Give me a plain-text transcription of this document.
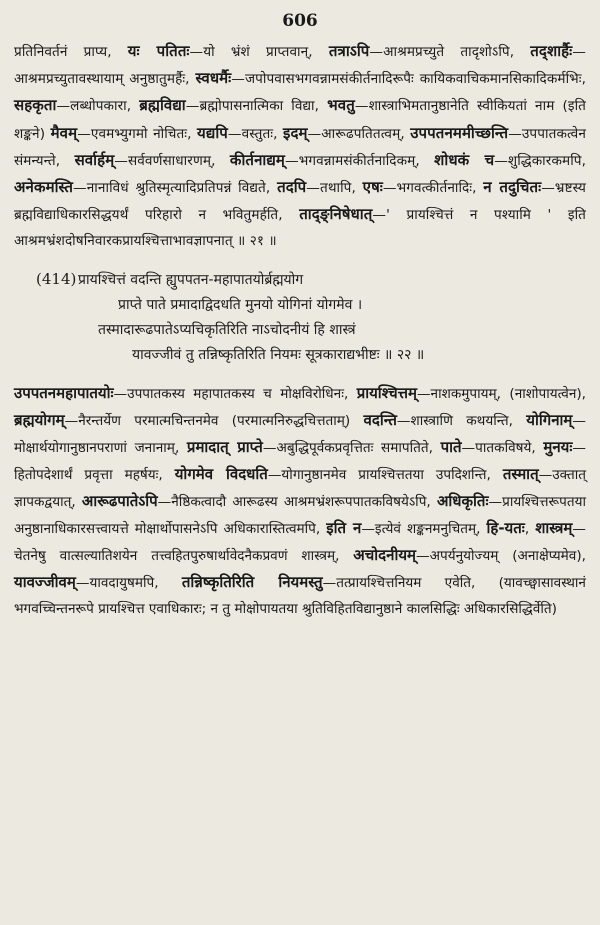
606

प्रतिनिवर्तनं प्राप्य, यः पतितः—यो भ्रंशं प्राप्तवान्, तत्राऽपि—आश्रमप्रच्युते तादृशोऽपि, तद्शार्हैः—आश्रमप्रच्युतावस्थायाम् अनुष्ठातुमर्हैः, स्वधर्मैः—जपोपवासभगवन्नामसंकीर्तनादिरूपैः कायिकवाचिकमानसिकादिकर्मभिः, सहकृता—लब्धोपकारा, ब्रह्मविद्या—ब्रह्मोपासनात्मिका विद्या, भवतु—शास्त्राभिमतानुष्ठानेति स्वीकियतां नाम (इति शङ्कने) मैवम्—एवमभ्युगमो नोचितः, यद्यपि—वस्तुतः, इदम्—आरूढपतितत्वम्, उपपतनममीच्छन्ति—उपपातकत्वेन संमन्यन्ते, सर्वार्हम्—सर्ववर्णसाधारणम्, कीर्तनाद्यम्—भगवन्नामसंकीर्तनादिकम्, शोधकं च—शुद्धिकारकमपि, अनेकमस्ति—नानाविधं श्रुतिस्मृत्यादिप्रतिपन्नं विद्यते, तदपि—तथापि, एषः—भगवत्कीर्तनादिः, न तदुचितः—भ्रष्टस्य ब्रह्मविद्याधिकारसिद्धयर्थं परिहारो न भवितुमर्हति, ताद्ङ्निषेधात्—' प्रायश्चित्तं न पश्यामि ' इति आश्रमभ्रंशदोषनिवारकप्रायश्चित्ताभावज्ञापनात् ॥ २१ ॥

(414) प्रायश्चित्तं वदन्ति ह्युपपतन-महापातयोर्ब्रह्मयोग
प्राप्ते पाते प्रमादाद्विदधति मुनयो योगिनां योगमेव ।
तस्मादारूढपातेऽप्यचिकृतिरिति नाऽचोदनीयं हि शास्त्रं
यावज्जीवं तु तन्निष्कृतिरिति नियमः सूत्रकाराद्यभीष्टः ॥ २२ ॥

उपपतनमहापातयोः—उपपातकस्य महापातकस्य च मोक्षविरोधिनः, प्रायश्चित्तम्—नाशकमुपायम्, (नाशोपायत्वेन), ब्रह्मयोगम्—नैरन्तर्येण परमात्मचिन्तनमेव (परमात्मनिरुद्धचित्तताम्) वदन्ति—शास्त्राणि कथयन्ति, योगिनाम्—मोक्षार्थयोगानुष्ठानपराणां जनानाम्, प्रमादात् प्राप्ते—अबुद्धिपूर्वकप्रवृत्तितः समापतिते, पाते—पातकविषये, मुनयः—हितोपदेशार्थं प्रवृत्ता महर्षयः, योगमेव विदधति—योगानुष्ठानमेव प्रायश्चित्ततया उपदिशन्ति, तस्मात्—उक्तात् ज्ञापकद्वयात्, आरूढपातेऽपि—नैष्ठिकत्वादौ आरूढस्य आश्रमभ्रंशरूपपातकविषयेऽपि, अधिकृतिः—प्रायश्चित्तरूपतया अनुष्ठानाधिकारसत्त्वायत्ते मोक्षार्थोपासनेऽपि अधिकारास्तित्वमपि, इति न—इत्येवं शङ्कनमनुचितम्, हि-यतः, शास्त्रम्—चेतनेषु वात्सल्यातिशयेन तत्त्वहितपुरुषार्थावेदनैकप्रवणं शास्त्रम्, अचोदनीयम्—अपर्यनुयोज्यम् (अनाक्षेप्यमेव), यावज्जीवम्—यावदायुषमपि, तन्निष्कृतिरिति नियमस्तु—तत्प्रायश्चित्तनियम एवेति, (यावच्छ्वासावस्थानं भगवच्चिन्तनरूपे प्रायश्चित्त एवाधिकारः; न तु मोक्षोपायतया श्रुतिविहितविद्यानुष्ठाने कालसिद्धिः अधिकारसिद्धिर्वेति)
